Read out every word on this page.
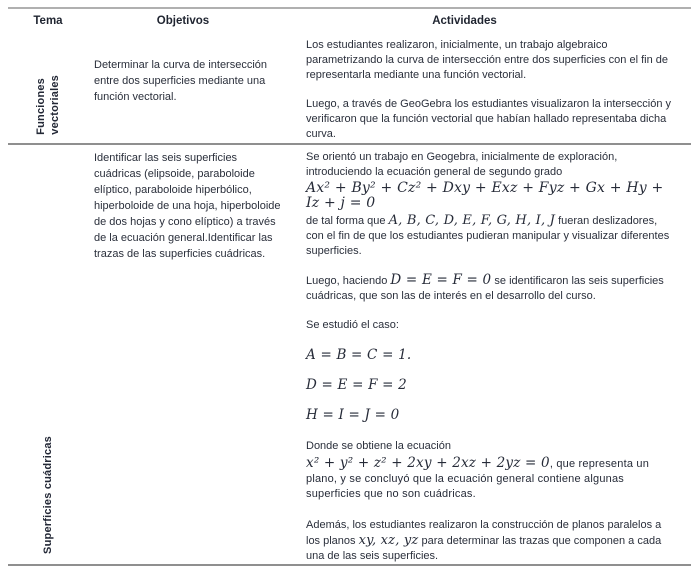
Tema	Objetivos	Actividades
Funciones vectoriales

Determinar la curva de intersección entre dos superficies mediante una función vectorial.

Los estudiantes realizaron, inicialmente, un trabajo algebraico parametrizando la curva de intersección entre dos superficies con el fin de representarla mediante una función vectorial.

Luego, a través de GeoGebra los estudiantes visualizaron la intersección y verificaron que la función vectorial que habían hallado representaba dicha curva.

Superficies cuádricas

Identificar las seis superficies cuádricas (elipsoide, paraboloide elíptico, paraboloide hiperbólico, hiperboloide de una hoja, hiperboloide de dos hojas y cono elíptico) a través de la ecuación general.Identificar las trazas de las superficies cuádricas.

Se orientó un trabajo en Geogebra, inicialmente de exploración, introduciendo la ecuación general de segundo grado

Ax² + By² + Cz² + Dxy + Exz + Fyz + Gx + Hy + Iz + j = 0

de tal forma que A, B, C, D, E, F, G, H, I, J fueran deslizadores, con el fin de que los estudiantes pudieran manipular y visualizar diferentes superficies.

Luego, haciendo D = E = F = 0 se identificaron las seis superficies cuádricas, que son las de interés en el desarrollo del curso.

Se estudió el caso:

A = B = C = 1.
D = E = F = 2
H = I = J = 0

Donde se obtiene la ecuación

x² + y² + z² + 2xy + 2xz + 2yz = 0, que representa un plano, y se concluyó que la ecuación general contiene algunas superficies que no son cuádricas.

Además, los estudiantes realizaron la construcción de planos paralelos a los planos xy, xz, yz para determinar las trazas que componen a cada una de las seis superficies.
